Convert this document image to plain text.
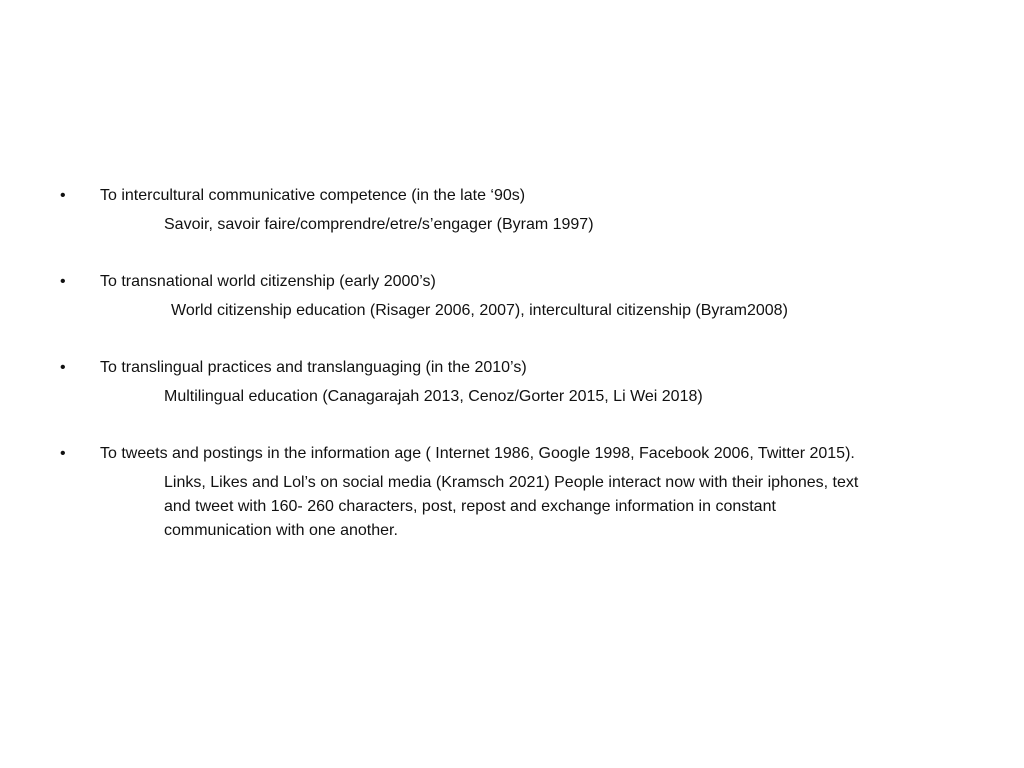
• To intercultural communicative competence (in the late ‘90s)
Savoir, savoir faire/comprendre/etre/s’engager (Byram 1997)
• To transnational world citizenship (early 2000’s)
World citizenship education (Risager 2006, 2007), intercultural citizenship (Byram2008)
• To translingual practices and translanguaging (in the 2010’s)
Multilingual education (Canagarajah 2013, Cenoz/Gorter 2015, Li Wei 2018)
• To tweets and postings in the information age ( Internet 1986, Google 1998, Facebook 2006, Twitter 2015).
Links, Likes and Lol’s on social media (Kramsch 2021) People interact now with their iphones, text
and tweet with 160- 260 characters, post, repost and exchange information in constant
communication with one another.
